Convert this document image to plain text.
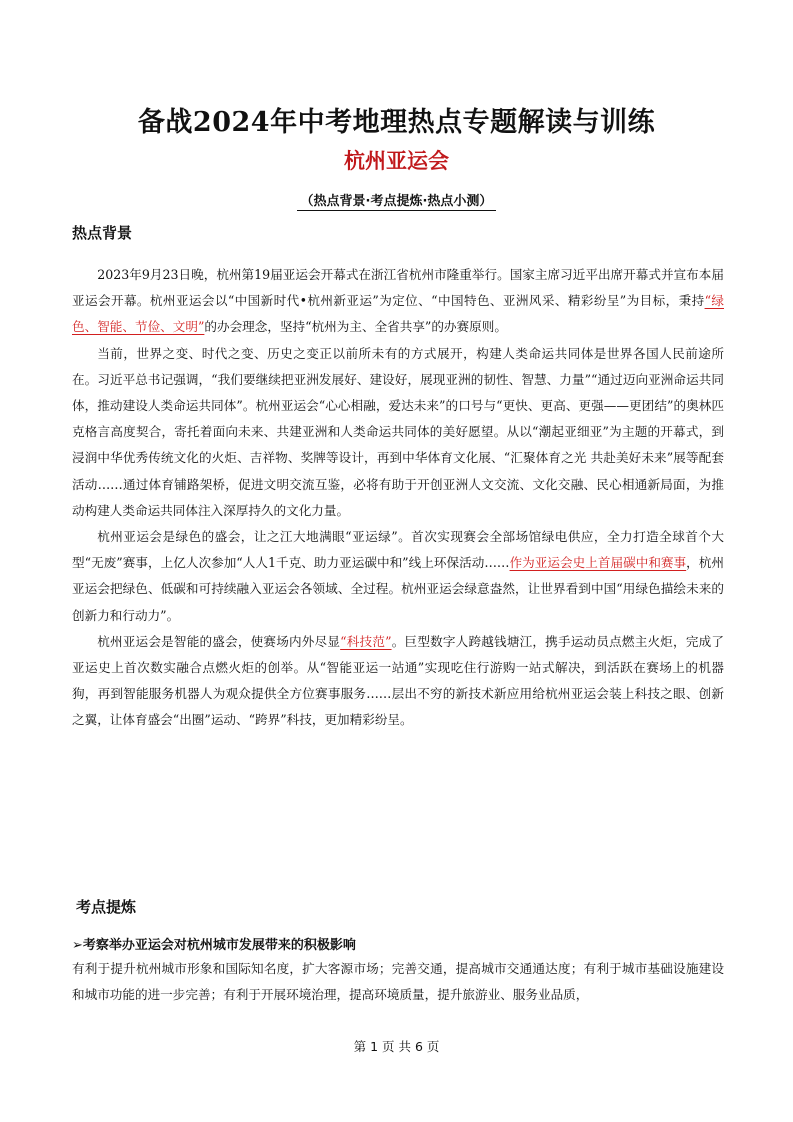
备战2024年中考地理热点专题解读与训练
杭州亚运会
（热点背景·考点提炼·热点小测）
热点背景

2023年9月23日晚，杭州第19届亚运会开幕式在浙江省杭州市隆重举行。国家主席习近平出席开幕式并宣布本届亚运会开幕。杭州亚运会以“中国新时代•杭州新亚运”为定位、“中国特色、亚洲风采、精彩纷呈”为目标，秉持“绿色、智能、节俭、文明”的办会理念，坚持“杭州为主、全省共享”的办赛原则。

当前，世界之变、时代之变、历史之变正以前所未有的方式展开，构建人类命运共同体是世界各国人民前途所在。习近平总书记强调，“我们要继续把亚洲发展好、建设好，展现亚洲的韧性、智慧、力量”“通过迈向亚洲命运共同体，推动建设人类命运共同体”。杭州亚运会“心心相融，爱达未来”的口号与“更快、更高、更强——更团结”的奥林匹克格言高度契合，寄托着面向未来、共建亚洲和人类命运共同体的美好愿望。从以“潮起亚细亚”为主题的开幕式，到浸润中华优秀传统文化的火炬、吉祥物、奖牌等设计，再到中华体育文化展、“汇聚体育之光 共赴美好未来”展等配套活动……通过体育铺路架桥，促进文明交流互鉴，必将有助于开创亚洲人文交流、文化交融、民心相通新局面，为推动构建人类命运共同体注入深厚持久的文化力量。

杭州亚运会是绿色的盛会，让之江大地满眼“亚运绿”。首次实现赛会全部场馆绿电供应，全力打造全球首个大型“无废”赛事，上亿人次参加“人人1千克、助力亚运碳中和”线上环保活动……作为亚运会史上首届碳中和赛事，杭州亚运会把绿色、低碳和可持续融入亚运会各领域、全过程。杭州亚运会绿意盎然，让世界看到中国“用绿色描绘未来的创新力和行动力”。

杭州亚运会是智能的盛会，使赛场内外尽显“科技范”。巨型数字人跨越钱塘江，携手运动员点燃主火炬，完成了亚运史上首次数实融合点燃火炬的创举。从“智能亚运一站通”实现吃住行游购一站式解决，到活跃在赛场上的机器狗，再到智能服务机器人为观众提供全方位赛事服务……层出不穷的新技术新应用给杭州亚运会装上科技之眼、创新之翼，让体育盛会“出圈”运动、“跨界”科技，更加精彩纷呈。

考点提炼
➢考察举办亚运会对杭州城市发展带来的积极影响

有利于提升杭州城市形象和国际知名度，扩大客源市场；完善交通，提高城市交通通达度；有利于城市基础设施建设和城市功能的进一步完善；有利于开展环境治理，提高环境质量，提升旅游业、服务业品质，

第 1 页 共 6 页
